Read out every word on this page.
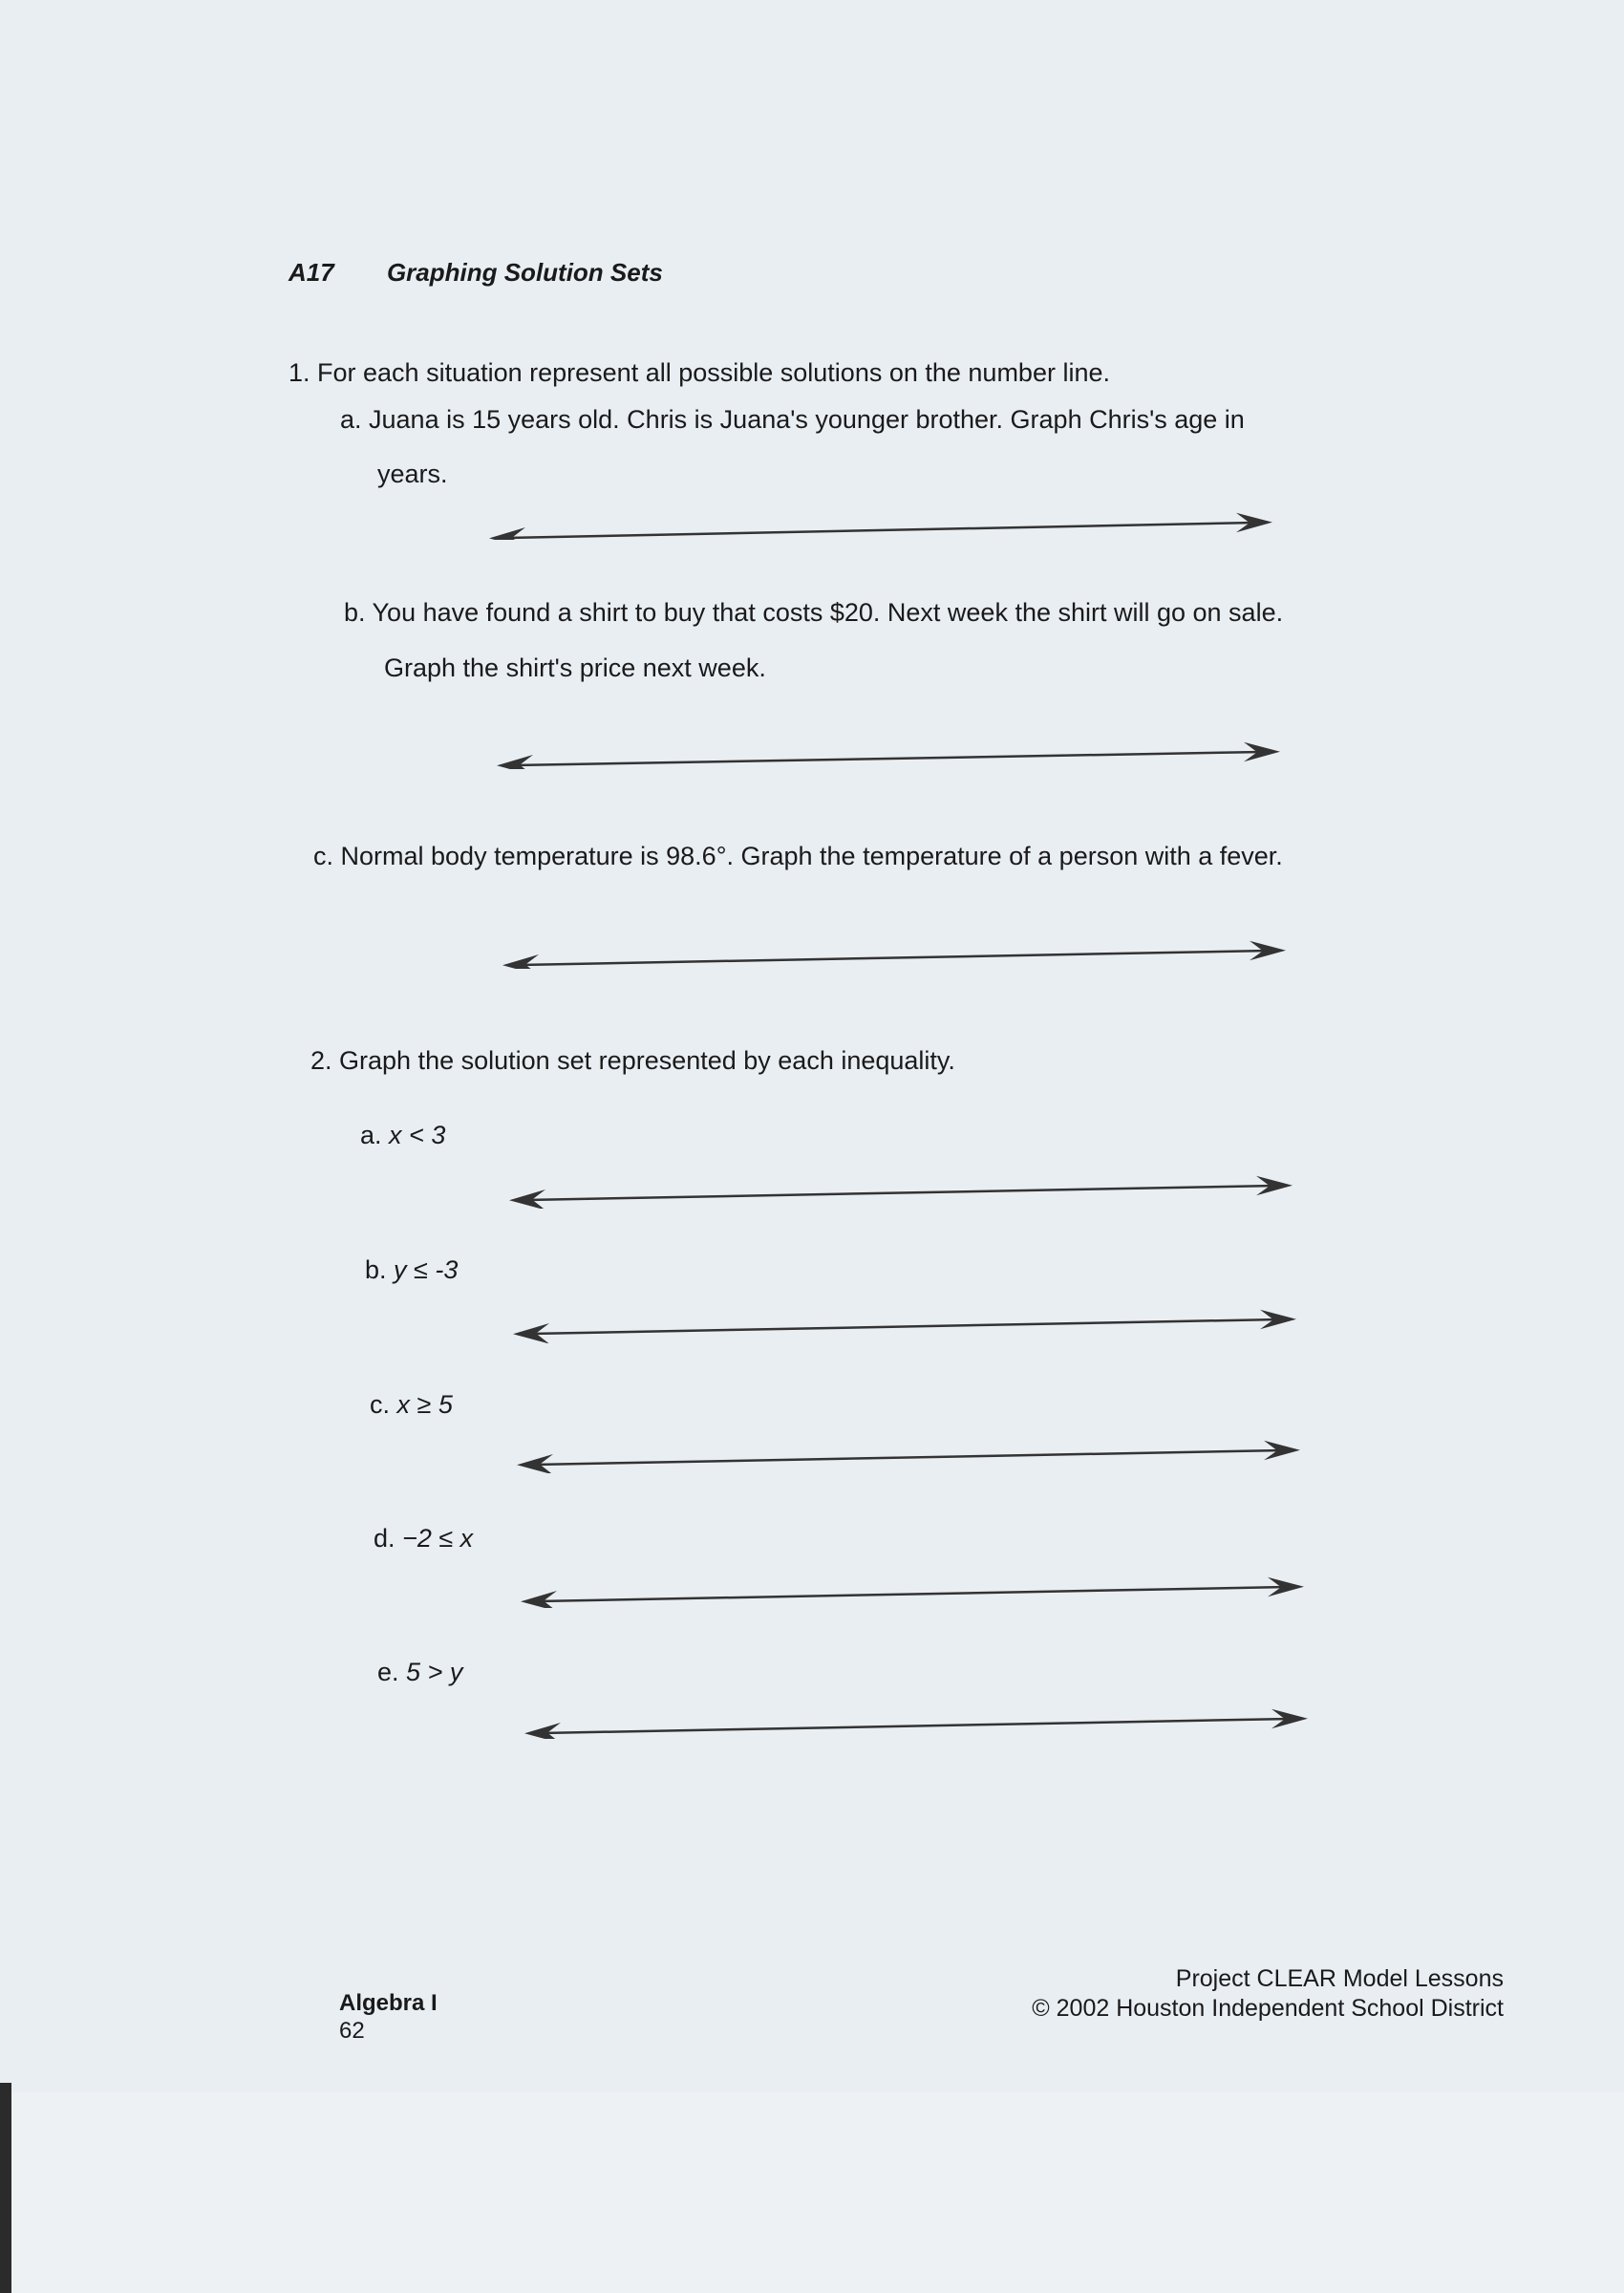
A17 Graphing Solution Sets
1. For each situation represent all possible solutions on the number line.
a. Juana is 15 years old. Chris is Juana's younger brother. Graph Chris's age in
years.
b. You have found a shirt to buy that costs $20. Next week the shirt will go on sale.
Graph the shirt's price next week.
c. Normal body temperature is 98.6°. Graph the temperature of a person with a fever.
2. Graph the solution set represented by each inequality.
a. x < 3
b. y ≤ -3
c. x ≥ 5
d. −2 ≤ x
e. 5 > y
Algebra I
62
Project CLEAR Model Lessons
© 2002 Houston Independent School District
